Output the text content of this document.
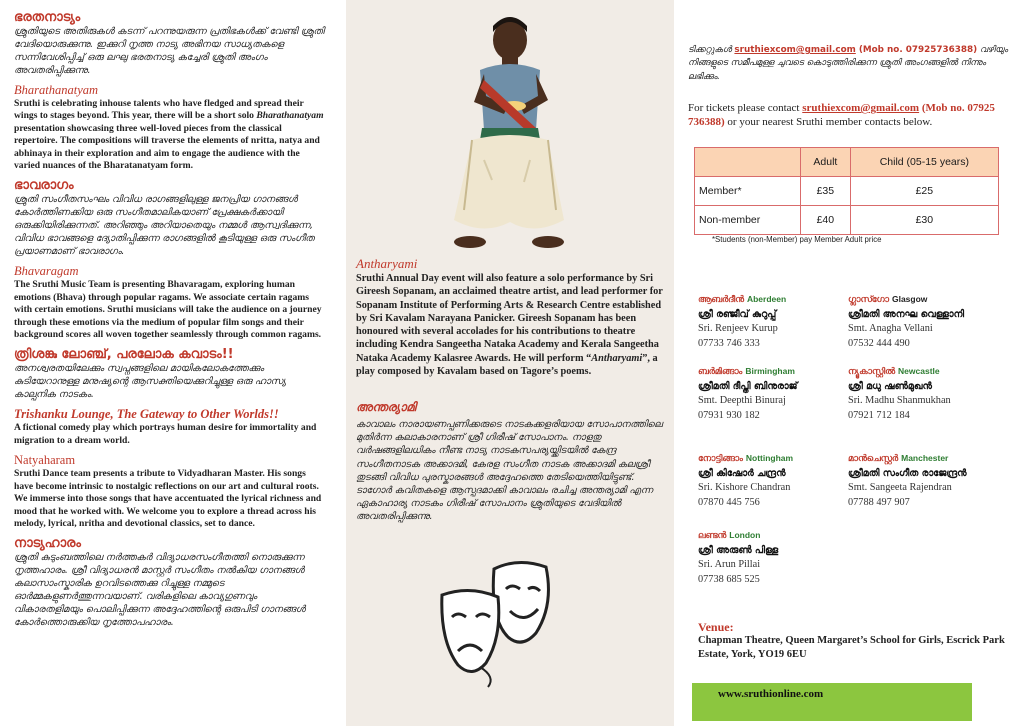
ഭരതനാട്യം
ശ്രുതിയുടെ അതിരുകൾ കടന്ന് പറന്നുയരുന്ന പ്രതിഭകൾക്ക് വേണ്ടി ശ്രുതി വേദിയൊരുക്കുന്നു. ഇക്കുറി നൃത്ത നാട്യ അഭിനയ സാധ്യതകളെ സന്നിവേശിപ്പിച്ച് ഒരു ലഘു ഭരതനാട്യ കച്ചേരി ശ്രുതി അംഗം അവതരിപ്പിക്കുന്നു.
Bharathanatyam
Sruthi is celebrating inhouse talents who have fledged and spread their wings to stages beyond. This year, there will be a short solo Bharathanatyam presentation showcasing three well-loved pieces from the classical repertoire. The compositions will traverse the elements of nritta, natya and abhinaya in their exploration and aim to engage the audience with the varied nuances of the Bharatanatyam form.
ഭാവരാഗം
ശ്രുതി സംഗീതസംഘം വിവിധ രാഗങ്ങളിലുള്ള ജനപ്രിയ ഗാനങ്ങൾ കോർത്തിണക്കിയ ഒരു സംഗീതമാലികയാണ് പ്രേക്ഷകർക്കായി ഒരുക്കിയിരിക്കുന്നത്. അറിഞ്ഞും അറിയാതെയും നമ്മൾ ആസ്വദിക്കുന്ന, വിവിധ ഭാവങ്ങളെ ദ്യോതിപ്പിക്കുന്ന രാഗങ്ങളിൽ കൂടിയുള്ള ഒരു സംഗീത പ്രയാണമാണ് ഭാവരാഗം.
Bhavaragam
The Sruthi Music Team is presenting Bhavaragam, exploring human emotions (Bhava) through popular ragams. We associate certain ragams with certain emotions. Sruthi musicians will take the audience on a journey through these emotions via the medium of popular film songs and their background scores all woven together seamlessly through common ragams.
ത്രിശങ്കു ലോഞ്ച്, പരലോക കവാടം!!
അനശ്വരതയിലേക്കും സ്വപ്നങ്ങളിലെ മായികലോകത്തേക്കും കുടിയേറാനുള്ള മനുഷ്യന്റെ ആസക്തിയെക്കുറിച്ചുള്ള ഒരു ഹാസ്യ കാല്പനിക നാടകം.
Trishanku Lounge, The Gateway to Other Worlds!!
A fictional comedy play which portrays human desire for immortality and migration to a dream world.
Natyaharam
Sruthi Dance team presents a tribute to Vidyadharan Master. His songs have become intrinsic to nostalgic reflections on our art and cultural roots. We immerse into those songs that have accentuated the lyrical richness and mood that he worked with. We welcome you to explore a thread across his melody, lyrical, nritha and devotional classics, set to dance.
നാട്യഹാരം
ശ്രുതി കുടുംബത്തിലെ നർത്തകർ വിദ്യാധരസംഗീതത്തി നൊരുക്കുന്ന നൃത്തഹാരം. ശ്രീ വിദ്യാധരൻ മാസ്റ്റർ സംഗീതം നൽകിയ ഗാനങ്ങൾ കലാസാംസ്കാരിക ഉറവിടത്തെക്കു റിച്ചുള്ള നമ്മുടെ ഓർമ്മകളുണർത്തുന്നവയാണ്. വരികളിലെ കാവ്യഗുണവും വികാരതളിമയും പൊലിപ്പിക്കുന്ന അദ്ദേഹത്തിന്റെ ഒരുപിടി ഗാനങ്ങൾ കോർത്തൊരുക്കിയ നൃത്തോപഹാരം.
Antharyami
Sruthi Annual Day event will also feature a solo performance by Sri Gireesh Sopanam, an acclaimed theatre artist, and lead performer for Sopanam Institute of Performing Arts & Research Centre established by Sri Kavalam Narayana Panicker. Gireesh Sopanam has been honoured with several accolades for his contributions to theatre including Kendra Sangeetha Nataka Academy and Kerala Sangeetha Nataka Academy Kalasree Awards. He will perform “Antharyami”, a play composed by Kavalam based on Tagore’s poems.
അന്തര്യാമി
കാവാലം നാരായണപ്പണിക്കരുടെ നാടകക്കളരിയായ സോപാനത്തിലെ മുതിർന്ന കലാകാരനാണ് ശ്രീ ഗിരീഷ് സോപാനം. നാളതു വർഷങ്ങളിലധികം നീണ്ട നാട്യ നാടകസപര്യയ്ക്കിടയിൽ കേന്ദ്ര സംഗീതനാടക അക്കാദമി, കേരള സംഗീത നാടക അക്കാദമി കലശ്രീ തുടങ്ങി വിവിധ പുരസ്കാരങ്ങൾ അദ്ദേഹത്തെ തേടിയെത്തിയിട്ടുണ്ട്. ടാഗോർ കവിതകളെ ആസ്പദമാക്കി കാവാലം രചിച്ച അന്തര്യാമി എന്ന ഏകാഹാര്യ നാടകം ഗിരീഷ് സോപാനം ശ്രുതിയുടെ വേദിയിൽ അവതരിപ്പിക്കുന്നു.
ടിക്കറ്റുകൾ sruthiexcom@gmail.com (Mob no. 07925736388) വഴിയും നിങ്ങളുടെ സമീപമുള്ള ചുവടെ കൊടുത്തിരിക്കുന്ന ശ്രുതി അംഗങ്ങളിൽ നിന്നും ലഭിക്കും.
For tickets please contact sruthiexcom@gmail.com (Mob no. 07925 736388) or your nearest Sruthi member contacts below.
	Adult	Child (05-15 years)
Member*	£35	£25
Non-member	£40	£30
*Students (non-Member) pay Member Adult price
ആബർദീൻ Aberdeen
ശ്രീ രഞ്ജീവ് കുറുപ്പ്
Sri. Renjeev Kurup
07733 746 333
ഗ്ലാസ്ഗോ Glasgow
ശ്രീമതി അനഘ വെള്ളാനി
Smt. Anagha Vellani
07532 444 490
ബർമിങ്ങാം Birmingham
ശ്രീമതി ദീപ്തി ബിനുരാജ്
Smt. Deepthi Binuraj
07931 930 182
ന്യൂകാസ്റ്റിൽ Newcastle
ശ്രീ മധു ഷൺമുഖൻ
Sri. Madhu Shanmukhan
07921 712 184
നോട്ടിങ്ങാം Nottingham
ശ്രീ കിഷോർ ചന്ദ്രൻ
Sri. Kishore Chandran
07870 445 756
മാൻചെസ്റ്റർ Manchester
ശ്രീമതി സംഗീത രാജേന്ദ്രൻ
Smt. Sangeeta Rajendran
07788 497 907
ലണ്ടൻ London
ശ്രീ അരുൺ പിള്ള
Sri. Arun Pillai
07738 685 525
Venue:
Chapman Theatre, Queen Margaret’s School for Girls, Escrick Park Estate, York, YO19 6EU
www.sruthionline.com
